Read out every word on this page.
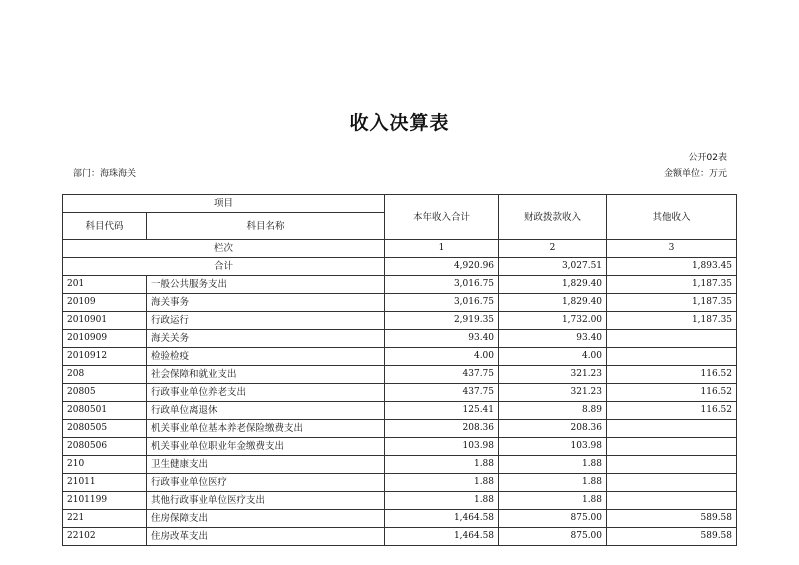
收入决算表
公开02表
部门：海珠海关	金额单位：万元
项目		本年收入合计	财政拨款收入	其他收入
科目代码	科目名称			
栏次		1	2	3
合计		4,920.96	3,027.51	1,893.45
201	一般公共服务支出	3,016.75	1,829.40	1,187.35
20109	海关事务	3,016.75	1,829.40	1,187.35
2010901	行政运行	2,919.35	1,732.00	1,187.35
2010909	海关关务	93.40	93.40	
2010912	检验检疫	4.00	4.00	
208	社会保障和就业支出	437.75	321.23	116.52
20805	行政事业单位养老支出	437.75	321.23	116.52
2080501	行政单位离退休	125.41	8.89	116.52
2080505	机关事业单位基本养老保险缴费支出	208.36	208.36	
2080506	机关事业单位职业年金缴费支出	103.98	103.98	
210	卫生健康支出	1.88	1.88	
21011	行政事业单位医疗	1.88	1.88	
2101199	其他行政事业单位医疗支出	1.88	1.88	
221	住房保障支出	1,464.58	875.00	589.58
22102	住房改革支出	1,464.58	875.00	589.58
